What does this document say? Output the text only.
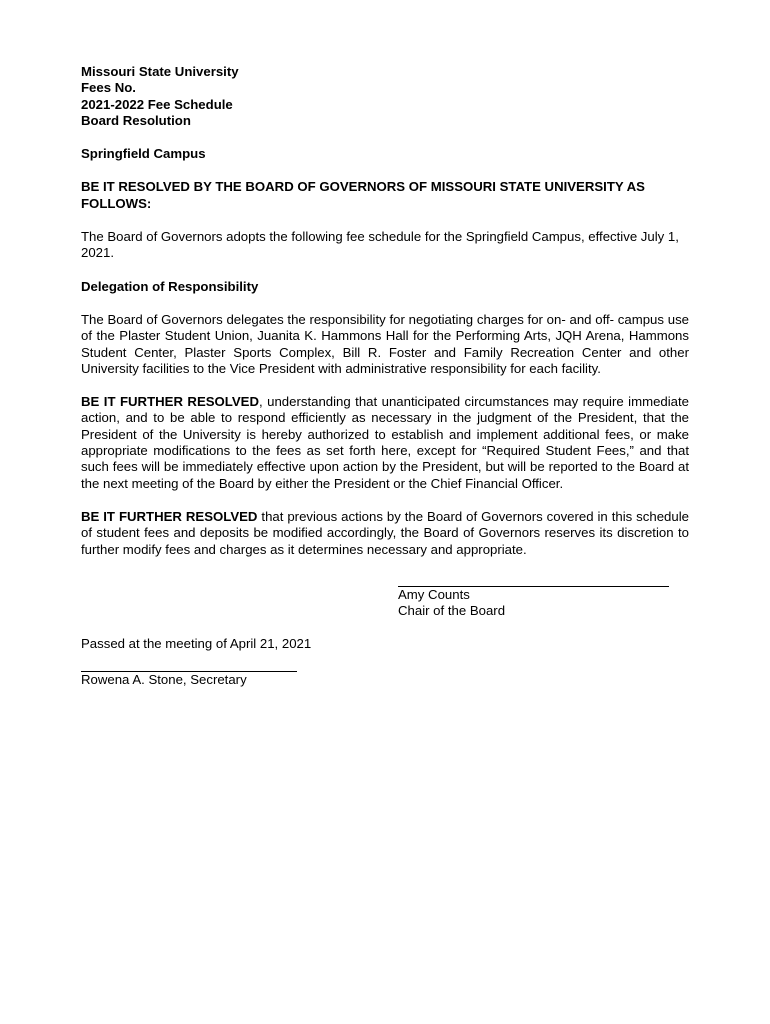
Missouri State University
Fees No.
2021-2022 Fee Schedule
Board Resolution

Springfield Campus

BE IT RESOLVED BY THE BOARD OF GOVERNORS OF MISSOURI STATE UNIVERSITY AS FOLLOWS:

The Board of Governors adopts the following fee schedule for the Springfield Campus, effective July 1, 2021.

Delegation of Responsibility

The Board of Governors delegates the responsibility for negotiating charges for on- and off- campus use of the Plaster Student Union, Juanita K. Hammons Hall for the Performing Arts, JQH Arena, Hammons Student Center, Plaster Sports Complex, Bill R. Foster and Family Recreation Center and other University facilities to the Vice President with administrative responsibility for each facility.

BE IT FURTHER RESOLVED, understanding that unanticipated circumstances may require immediate action, and to be able to respond efficiently as necessary in the judgment of the President, that the President of the University is hereby authorized to establish and implement additional fees, or make appropriate modifications to the fees as set forth here, except for “Required Student Fees,” and that such fees will be immediately effective upon action by the President, but will be reported to the Board at the next meeting of the Board by either the President or the Chief Financial Officer.

BE IT FURTHER RESOLVED that previous actions by the Board of Governors covered in this schedule of student fees and deposits be modified accordingly, the Board of Governors reserves its discretion to further modify fees and charges as it determines necessary and appropriate.

Amy Counts
Chair of the Board

Passed at the meeting of April 21, 2021

Rowena A. Stone, Secretary
